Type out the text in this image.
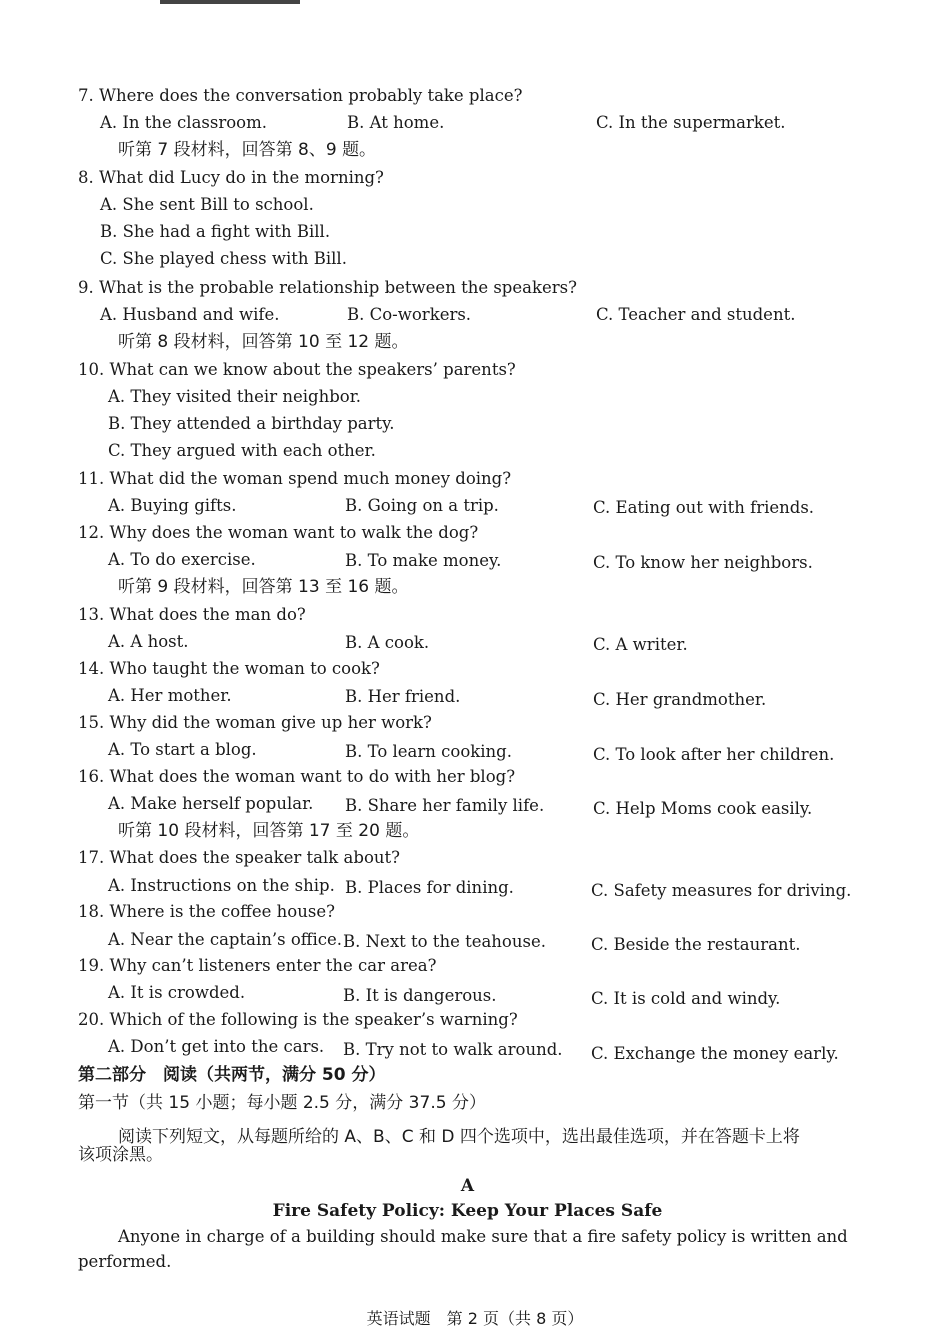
7. Where does the conversation probably take place?
A. In the classroom.	B. At home.	C. In the supermarket.
听第 7 段材料，回答第 8、9 题。
8. What did Lucy do in the morning?
A. She sent Bill to school.
B. She had a fight with Bill.
C. She played chess with Bill.
9. What is the probable relationship between the speakers?
A. Husband and wife.	B. Co-workers.	C. Teacher and student.
听第 8 段材料，回答第 10 至 12 题。
10. What can we know about the speakers’ parents?
A. They visited their neighbor.
B. They attended a birthday party.
C. They argued with each other.
11. What did the woman spend much money doing?
A. Buying gifts.	B. Going on a trip.	C. Eating out with friends.
12. Why does the woman want to walk the dog?
A. To do exercise.	B. To make money.	C. To know her neighbors.
听第 9 段材料，回答第 13 至 16 题。
13. What does the man do?
A. A host.	B. A cook.	C. A writer.
14. Who taught the woman to cook?
A. Her mother.	B. Her friend.	C. Her grandmother.
15. Why did the woman give up her work?
A. To start a blog.	B. To learn cooking.	C. To look after her children.
16. What does the woman want to do with her blog?
A. Make herself popular. B. Share her family life.	C. Help Moms cook easily.
听第 10 段材料，回答第 17 至 20 题。
17. What does the speaker talk about?
A. Instructions on the ship. B. Places for dining.	C. Safety measures for driving.
18. Where is the coffee house?
A. Near the captain’s office. B. Next to the teahouse.	C. Beside the restaurant.
19. Why can’t listeners enter the car area?
A. It is crowded.	B. It is dangerous.	C. It is cold and windy.
20. Which of the following is the speaker’s warning?
A. Don’t get into the cars. B. Try not to walk around. C. Exchange the money early.
第二部分　阅读（共两节，满分 50 分）
第一节（共 15 小题；每小题 2.5 分，满分 37.5 分）
阅读下列短文，从每题所给的 A、B、C 和 D 四个选项中，选出最佳选项，并在答题卡上将
该项涂黑。
A
Fire Safety Policy: Keep Your Places Safe
Anyone in charge of a building should make sure that a fire safety policy is written and
performed.
英语试题　第 2 页（共 8 页）
